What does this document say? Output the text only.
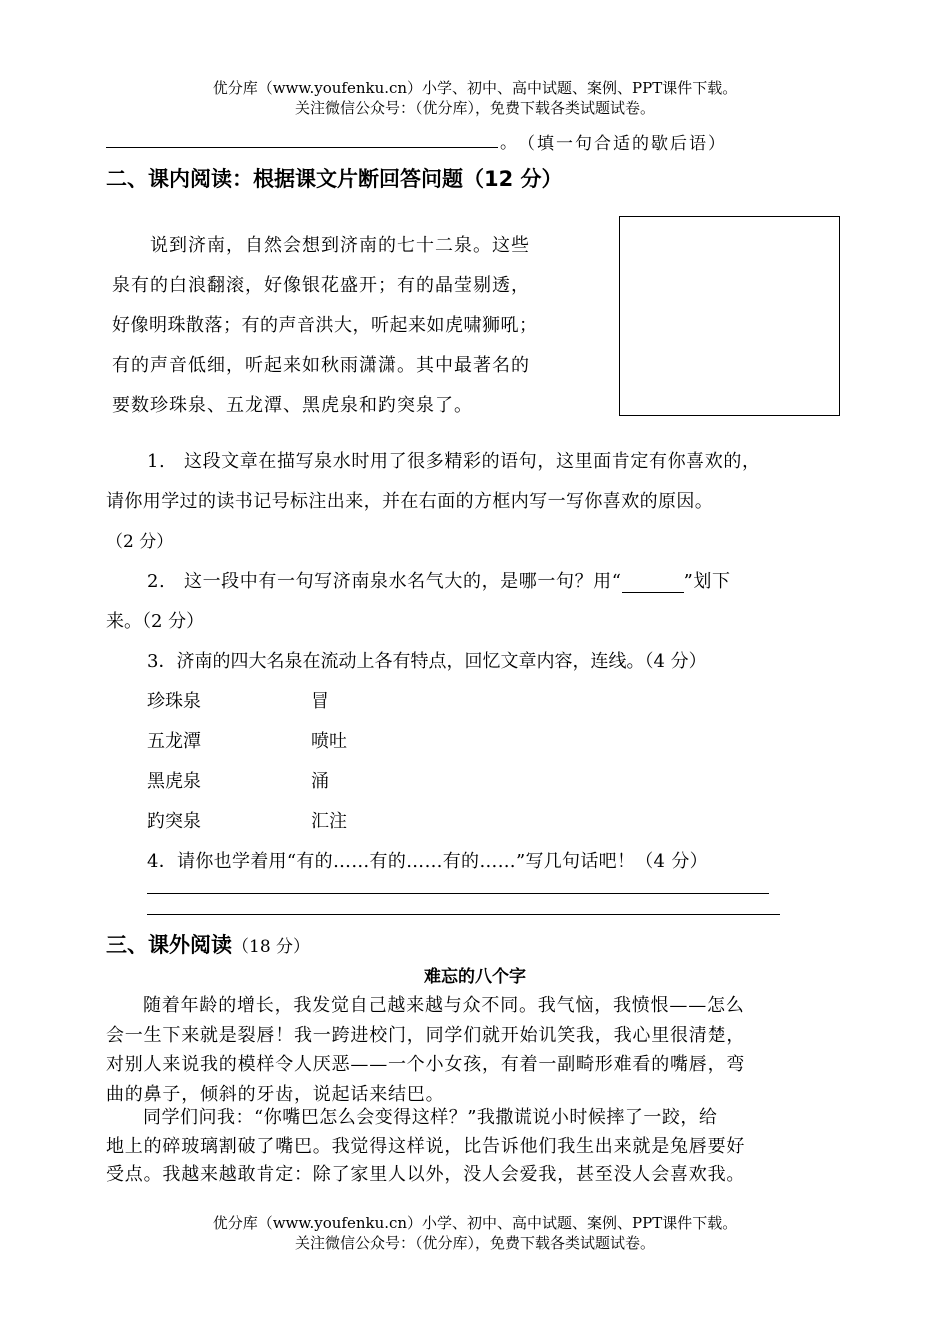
优分库（www.youfenku.cn）小学、初中、高中试题、案例、PPT课件下载。
关注微信公众号：（优分库），免费下载各类试题试卷。
。 （填一句合适的歇后语）
二、课内阅读：根据课文片断回答问题（12 分）
说到济南，自然会想到济南的七十二泉。这些
泉有的白浪翻滚，好像银花盛开；有的晶莹剔透，
好像明珠散落；有的声音洪大，听起来如虎啸狮吼；
有的声音低细，听起来如秋雨潇潇。其中最著名的
要数珍珠泉、五龙潭、黑虎泉和趵突泉了。
1.　这段文章在描写泉水时用了很多精彩的语句，这里面肯定有你喜欢的，
请你用学过的读书记号标注出来，并在右面的方框内写一写你喜欢的原因。
（2 分）
2.　这一段中有一句写济南泉水名气大的，是哪一句？用“	”划下
来。（2 分）
3．济南的四大名泉在流动上各有特点，回忆文章内容，连线。（4 分）
珍珠泉
五龙潭
黑虎泉
趵突泉
冒
喷吐
涌
汇注
4．请你也学着用“有的……有的……有的……”写几句话吧！（4 分）
三、课外阅读（18 分）
难忘的八个字
随着年龄的增长，我发觉自己越来越与众不同。我气恼，我愤恨——怎么
会一生下来就是裂唇！我一跨进校门，同学们就开始讥笑我，我心里很清楚，
对别人来说我的模样令人厌恶——一个小女孩，有着一副畸形难看的嘴唇，弯
曲的鼻子，倾斜的牙齿，说起话来结巴。
同学们问我：“你嘴巴怎么会变得这样？”我撒谎说小时候摔了一跤，给
地上的碎玻璃割破了嘴巴。我觉得这样说，比告诉他们我生出来就是兔唇要好
受点。我越来越敢肯定：除了家里人以外，没人会爱我，甚至没人会喜欢我。
优分库（www.youfenku.cn）小学、初中、高中试题、案例、PPT课件下载。
关注微信公众号：（优分库），免费下载各类试题试卷。
